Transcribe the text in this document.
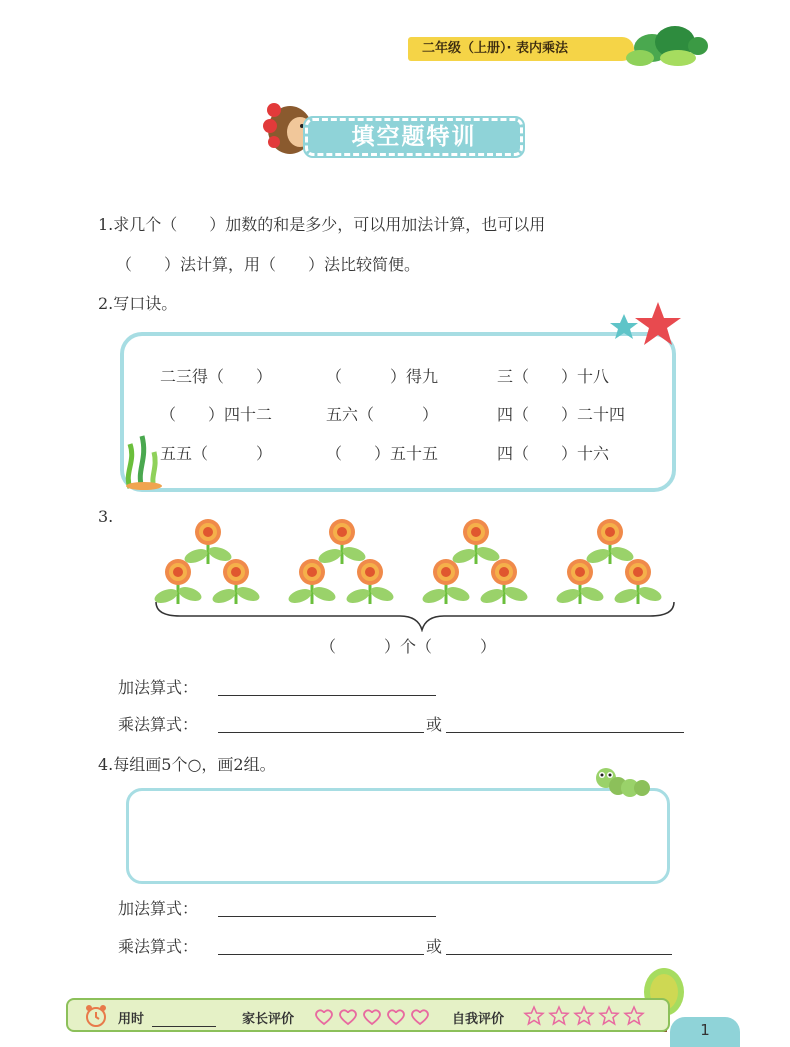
二年级（上册）· 表内乘法
填空题特训
1.求几个（　　）加数的和是多少，可以用加法计算，也可以用
（　　）法计算，用（　　）法比较简便。
2.写口诀。
二三得（　　）	（　　　）得九	三（　　）十八
（　　）四十二	五六（　　　）	四（　　）二十四
五五（　　　）	（　　）五十五	四（　　）十六
3.
（　　　）个（　　　）
加法算式：
乘法算式：	或
4.每组画5个○，画2组。
加法算式：
乘法算式：	或
用时	家长评价	自我评价
1
